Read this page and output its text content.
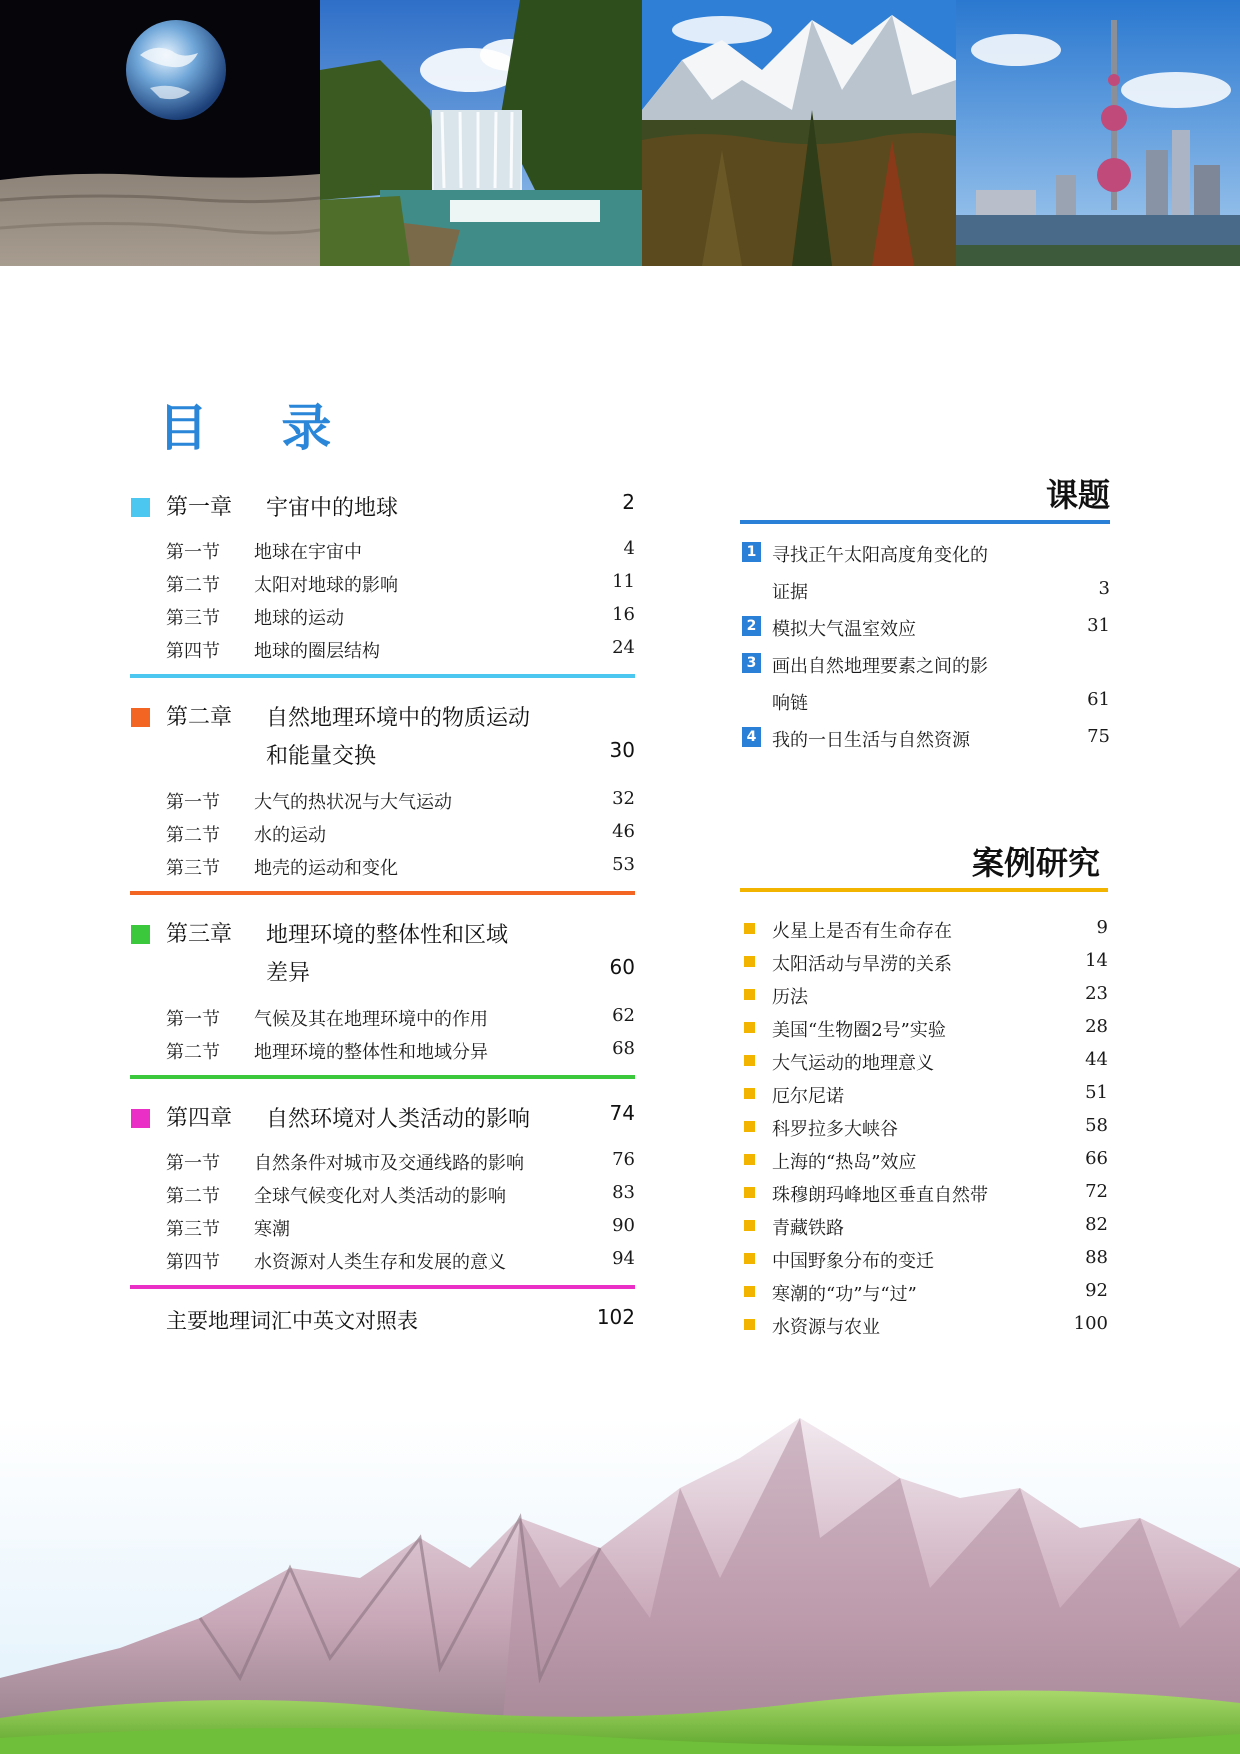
目 录
第一章 宇宙中的地球	2
第一节 地球在宇宙中	4
第二节 太阳对地球的影响	11
第三节 地球的运动	16
第四节 地球的圈层结构	24
第二章 自然地理环境中的物质运动
和能量交换	30
第一节 大气的热状况与大气运动	32
第二节 水的运动	46
第三节 地壳的运动和变化	53
第三章 地理环境的整体性和区域
差异	60
第一节 气候及其在地理环境中的作用	62
第二节 地理环境的整体性和地域分异	68
第四章 自然环境对人类活动的影响	74
第一节 自然条件对城市及交通线路的影响	76
第二节 全球气候变化对人类活动的影响	83
第三节 寒潮	90
第四节 水资源对人类生存和发展的意义	94
主要地理词汇中英文对照表	102
课题
1 寻找正午太阳高度角变化的
证据	3
2 模拟大气温室效应	31
3 画出自然地理要素之间的影
响链	61
4 我的一日生活与自然资源	75
案例研究
火星上是否有生命存在	9
太阳活动与旱涝的关系	14
历法	23
美国“生物圈2号”实验	28
大气运动的地理意义	44
厄尔尼诺	51
科罗拉多大峡谷	58
上海的“热岛”效应	66
珠穆朗玛峰地区垂直自然带	72
青藏铁路	82
中国野象分布的变迁	88
寒潮的“功”与“过”	92
水资源与农业	100
